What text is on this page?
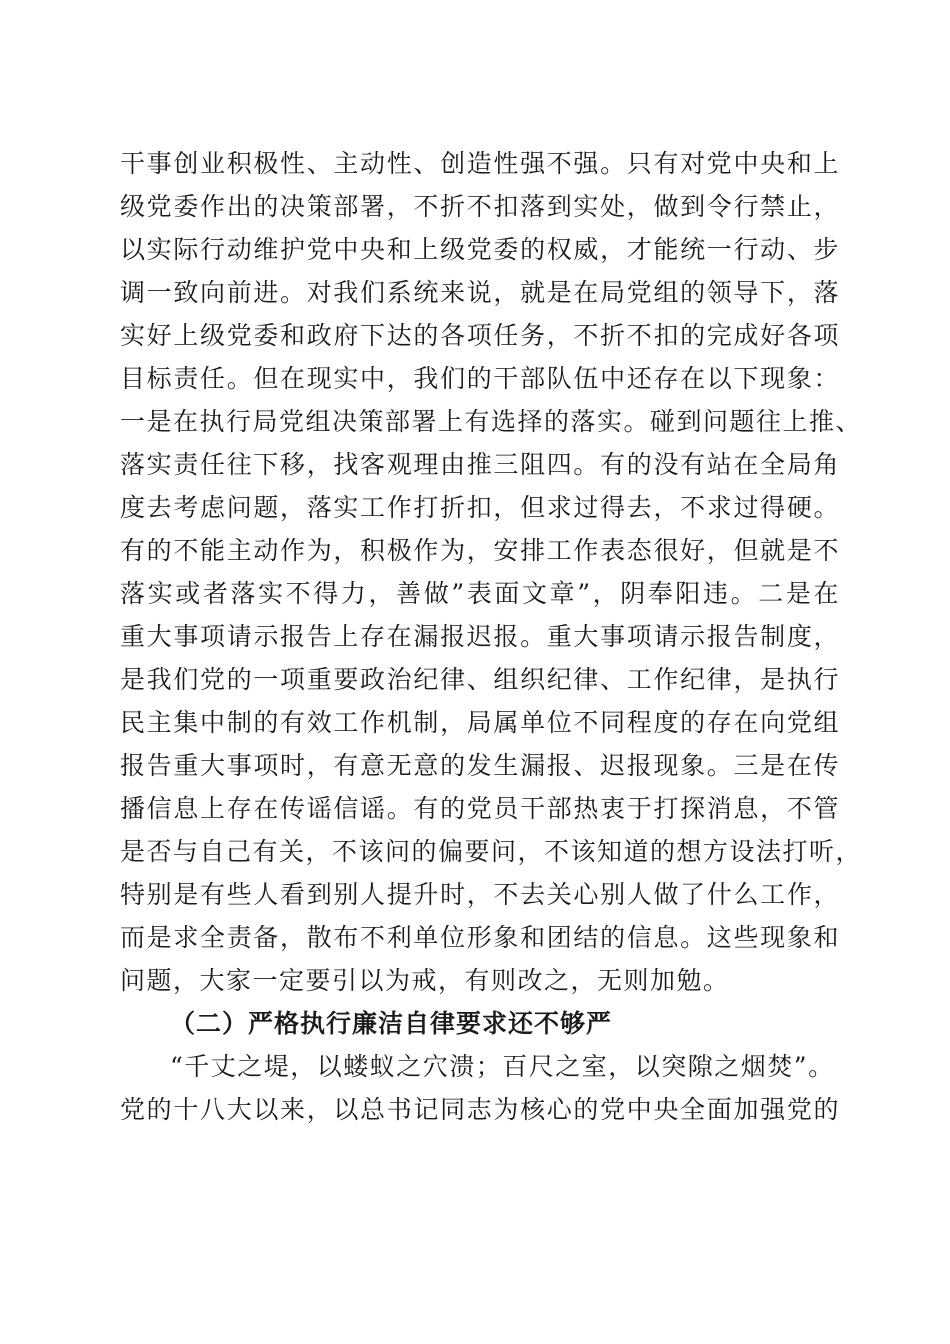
干事创业积极性、主动性、创造性强不强。只有对党中央和上
级党委作出的决策部署，不折不扣落到实处，做到令行禁止，
以实际行动维护党中央和上级党委的权威，才能统一行动、步
调一致向前进。对我们系统来说，就是在局党组的领导下，落
实好上级党委和政府下达的各项任务，不折不扣的完成好各项
目标责任。但在现实中，我们的干部队伍中还存在以下现象：
一是在执行局党组决策部署上有选择的落实。碰到问题往上推、
落实责任往下移，找客观理由推三阻四。有的没有站在全局角
度去考虑问题，落实工作打折扣，但求过得去，不求过得硬。
有的不能主动作为，积极作为，安排工作表态很好，但就是不
落实或者落实不得力，善做”表面文章”，阴奉阳违。二是在
重大事项请示报告上存在漏报迟报。重大事项请示报告制度，
是我们党的一项重要政治纪律、组织纪律、工作纪律，是执行
民主集中制的有效工作机制，局属单位不同程度的存在向党组
报告重大事项时，有意无意的发生漏报、迟报现象。三是在传
播信息上存在传谣信谣。有的党员干部热衷于打探消息，不管
是否与自己有关，不该问的偏要问，不该知道的想方设法打听，
特别是有些人看到别人提升时，不去关心别人做了什么工作，
而是求全责备，散布不利单位形象和团结的信息。这些现象和
问题，大家一定要引以为戒，有则改之，无则加勉。
（二）严格执行廉洁自律要求还不够严
“千丈之堤，以蝼蚁之穴溃；百尺之室，以突隙之烟焚”。
党的十八大以来，以总书记同志为核心的党中央全面加强党的
